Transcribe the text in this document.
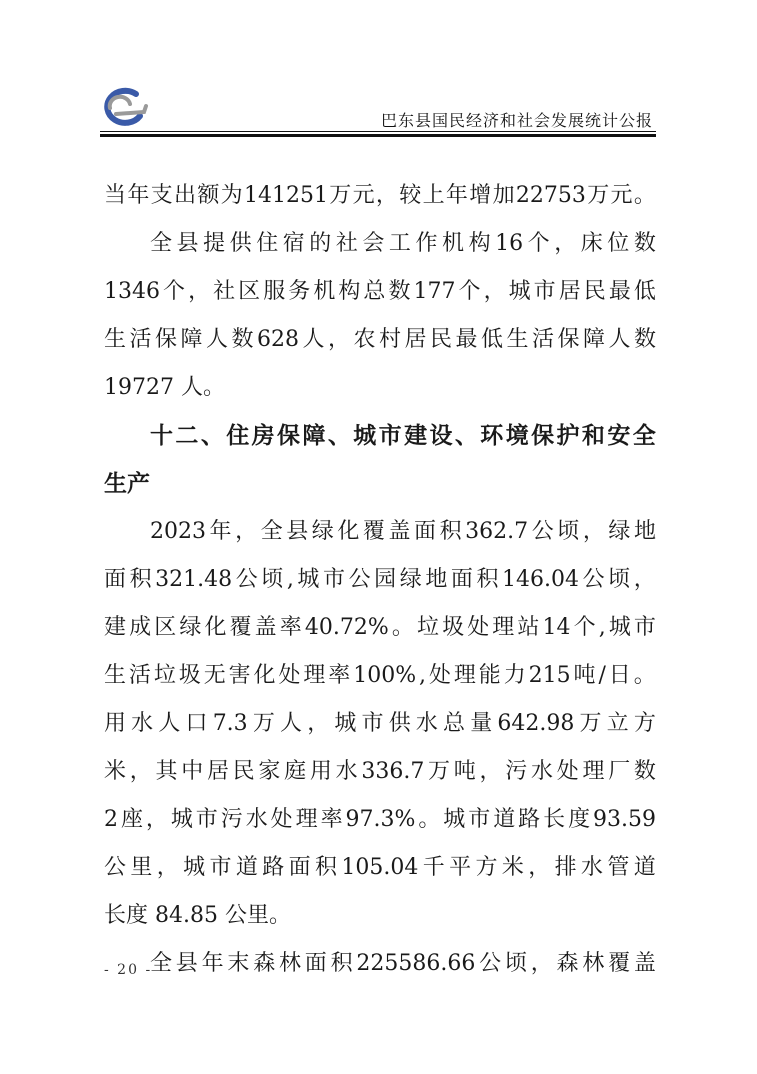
巴东县国民经济和社会发展统计公报
当 年 支 出 额 为 141251 万 元 ， 较 上 年 增 加 22753 万 元 。
全 县 提 供 住 宿 的 社 会 工 作 机 构 16 个 ， 床 位 数
1346 个 ， 社 区 服 务 机 构 总 数 177 个 ， 城 市 居 民 最 低
生 活 保 障 人 数 628 人 ， 农 村 居 民 最 低 生 活 保 障 人 数
19727 人。
十 二 、 住 房 保 障 、 城 市 建 设 、 环 境 保 护 和 安 全
生产
2023 年 ， 全 县 绿 化 覆 盖 面 积 362.7 公 顷 ， 绿 地
面 积 321.48 公 顷 , 城 市 公 园 绿 地 面 积 146.04 公 顷 ，
建 成 区 绿 化 覆 盖 率 40.72% 。 垃 圾 处 理 站 14 个 , 城 市
生 活 垃 圾 无 害 化 处 理 率 100% , 处 理 能 力 215 吨 / 日 。
用 水 人 口 7.3 万 人 ， 城 市 供 水 总 量 642.98 万 立 方
米 ， 其 中 居 民 家 庭 用 水 336.7 万 吨 ， 污 水 处 理 厂 数
2 座 ， 城 市 污 水 处 理 率 97.3% 。 城 市 道 路 长 度 93.59
公 里 ， 城 市 道 路 面 积 105.04 千 平 方 米 ， 排 水 管 道
长度 84.85 公里。
全 县 年 末 森 林 面 积 225586.66 公 顷 ， 森 林 覆 盖
- 20 -
